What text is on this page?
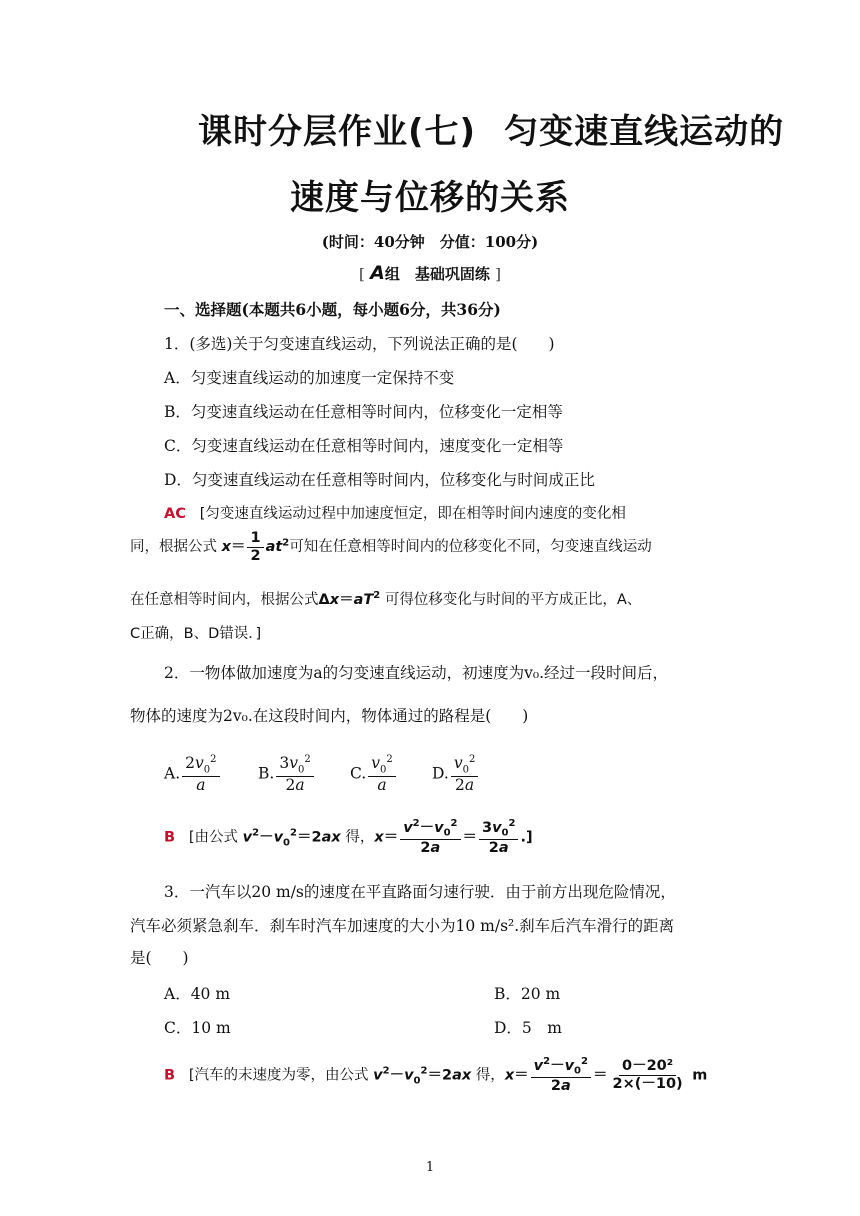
课时分层作业(七) 匀变速直线运动的
速度与位移的关系
(时间：40分钟　分值：100分)
[ A组　基础巩固练 ]
一、选择题(本题共6小题，每小题6分，共36分)
1．(多选)关于匀变速直线运动，下列说法正确的是(　　)
A．匀变速直线运动的加速度一定保持不变
B．匀变速直线运动在任意相等时间内，位移变化一定相等
C．匀变速直线运动在任意相等时间内，速度变化一定相等
D．匀变速直线运动在任意相等时间内，位移变化与时间成正比
AC [匀变速直线运动过程中加速度恒定，即在相等时间内速度的变化相
同，根据公式 $x= \frac{1}{2} at^2$可知在任意相等时间内的位移变化不同，匀变速直线运动
在任意相等时间内，根据公式$\Delta x=aT^2$ 可得位移变化与时间的平方成正比，A、
C正确，B、D错误．]
2．一物体做加速度为a的匀变速直线运动，初速度为v₀.经过一段时间后，
物体的速度为2v₀.在这段时间内，物体通过的路程是(　　)
A. $\frac{2v_0^2}{a} B$. $\frac{3v_0^2}{2a} C$. $\frac{v_0^2}{a} D$. $\frac{v_0^2}{2a}$
B [由公式 $v^2-v_0^2=2ax$ 得，$x= \frac{v^2-v_0^2}{2a} = \frac{3v_0^2}{2a}$ .]
3．一汽车以20 m/s的速度在平直路面匀速行驶．由于前方出现危险情况，
汽车必须紧急刹车．刹车时汽车加速度的大小为10 m/s².刹车后汽车滑行的距离
是(　　)
A．40 m	B．20 m
C．10 m	D．5　m
B [汽车的末速度为零，由公式 $v^2-v_0^2=2ax$ 得，$x= \frac{v^2-v_0^2}{2a} = \frac{\text{0－20²}}{2\times(-10)}$ m
1
